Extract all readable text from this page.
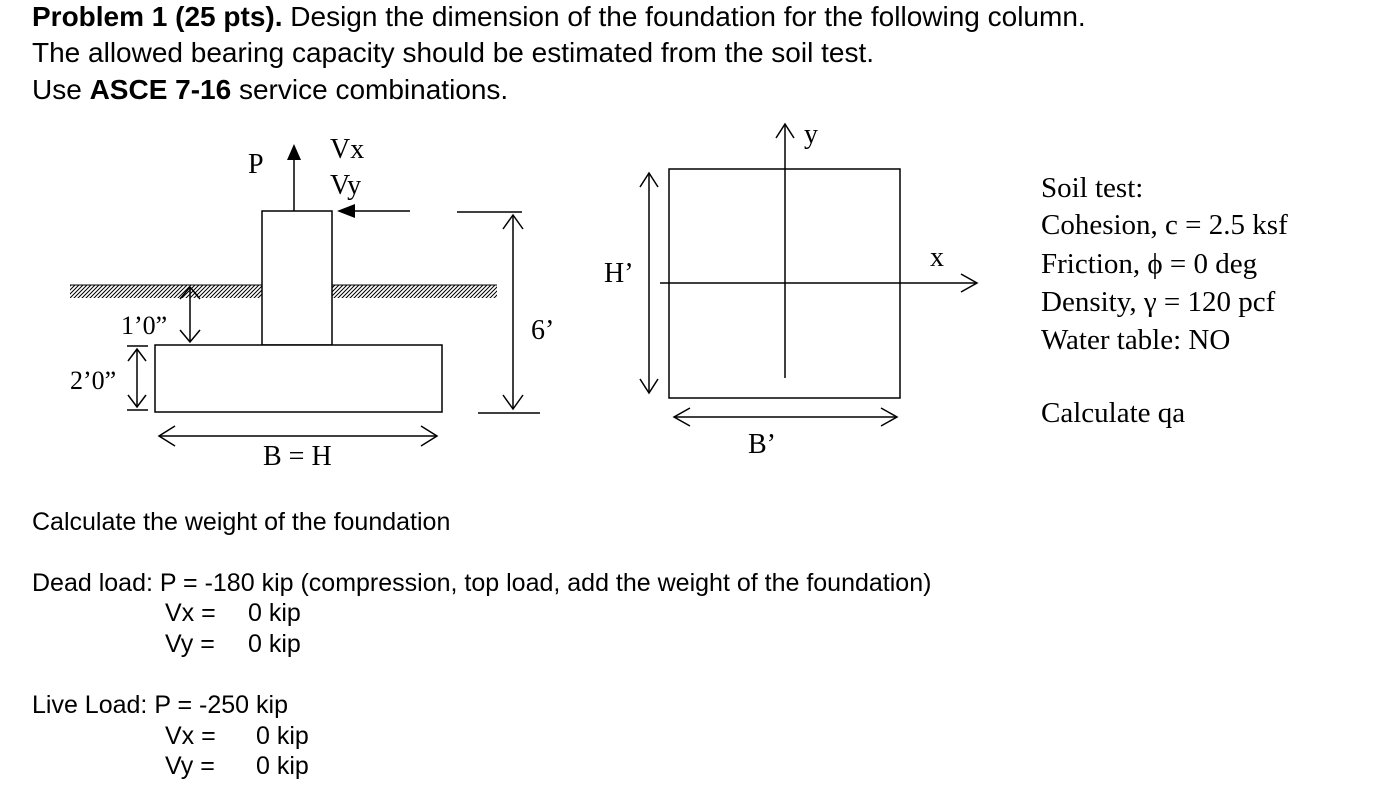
Problem 1 (25 pts). Design the dimension of the foundation for the following column.
The allowed bearing capacity should be estimated from the soil test.
Use ASCE 7-16 service combinations.
P Vx
Vy
1’0”
2’0”
6’
B = H
y
x
H’
B’
Soil test:
Cohesion, c = 2.5 ksf
Friction, ϕ = 0 deg
Density, γ = 120 pcf
Water table: NO
Calculate qa
Calculate the weight of the foundation
Dead load: P = -180 kip (compression, top load, add the weight of the foundation)
Vx = 0 kip
Vy = 0 kip
Live Load: P = -250 kip
Vx = 0 kip
Vy = 0 kip
